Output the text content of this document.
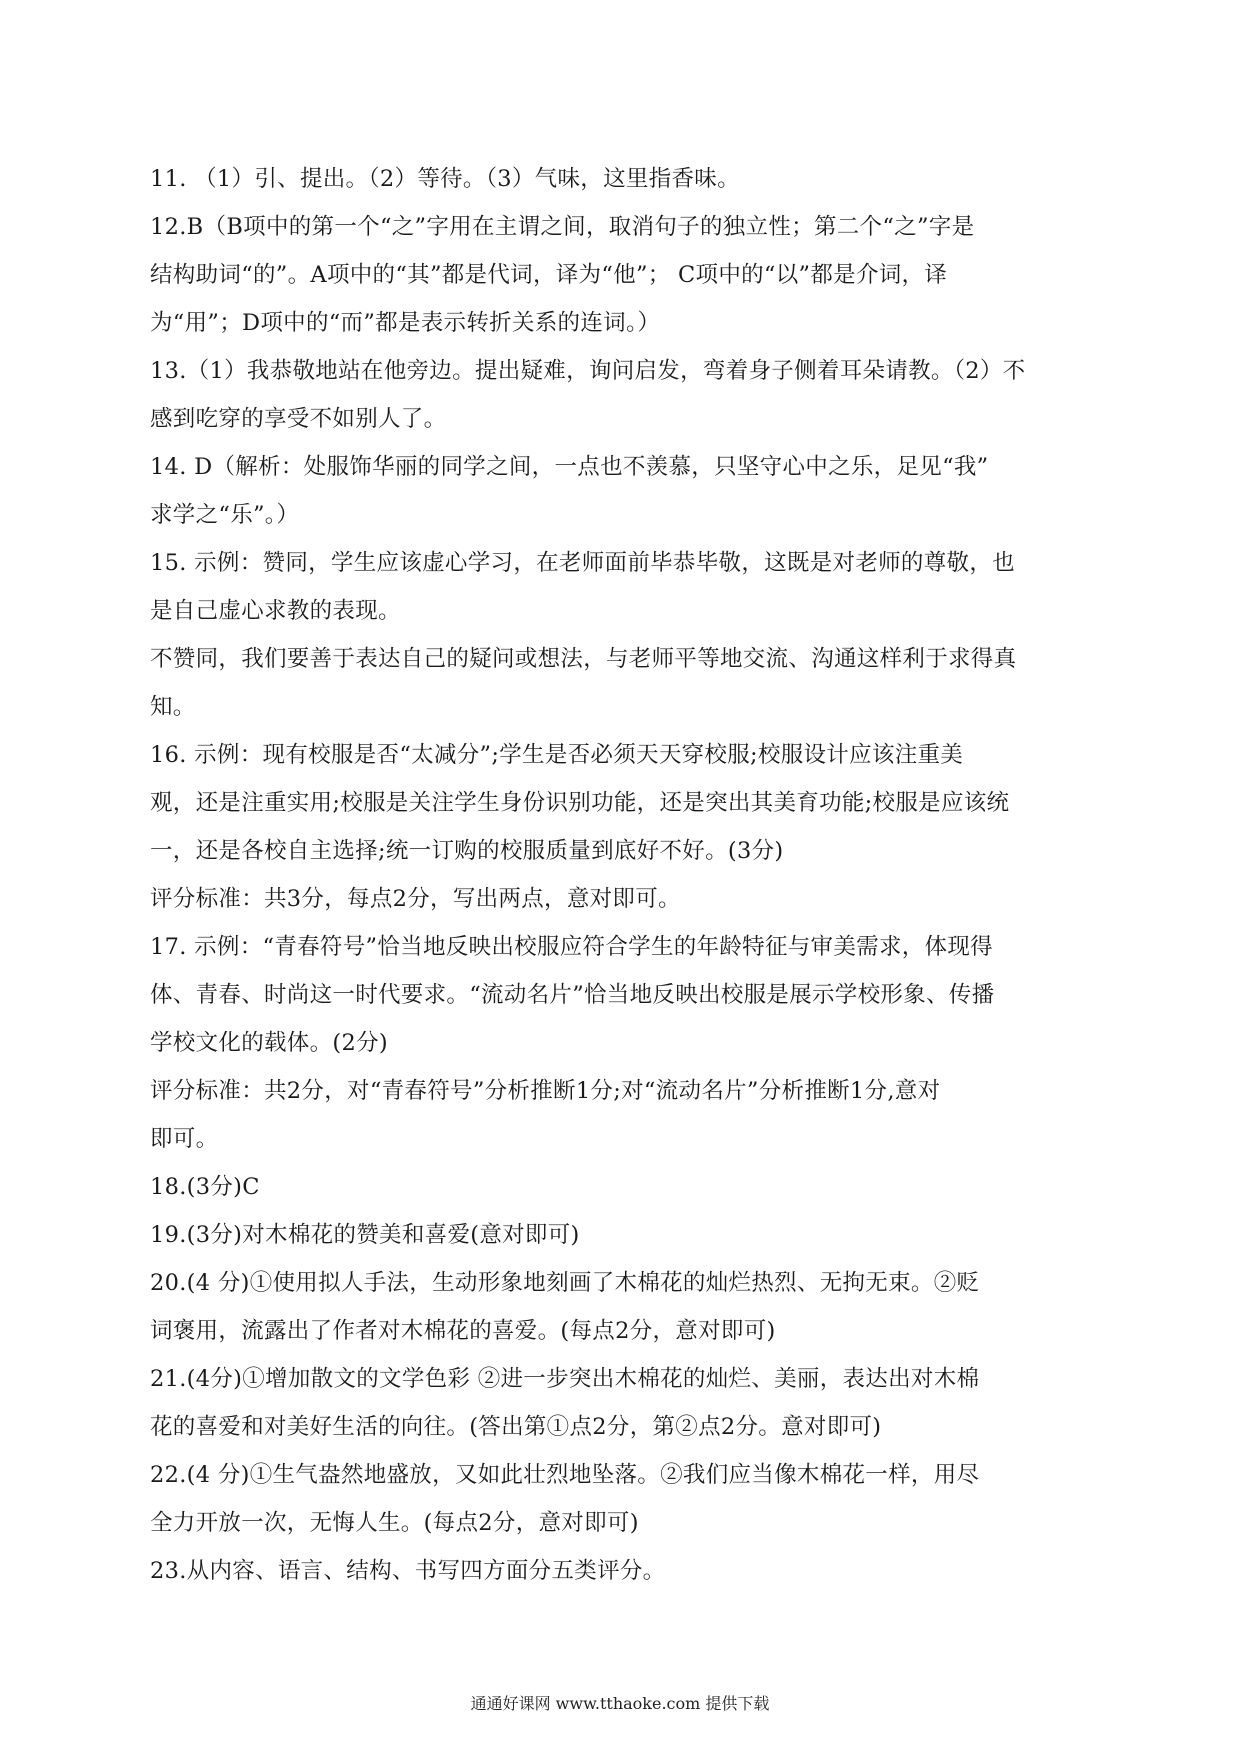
11. （1）引、提出。（2）等待。（3）气味，这里指香味。
12.B（B项中的第一个“之”字用在主谓之间，取消句子的独立性；第二个“之”字是
结构助词“的”。A项中的“其”都是代词，译为“他”； C项中的“以”都是介词，译
为“用”；D项中的“而”都是表示转折关系的连词。）
13.（1）我恭敬地站在他旁边。提出疑难，询问启发，弯着身子侧着耳朵请教。（2）不
感到吃穿的享受不如别人了。
14. D（解析：处服饰华丽的同学之间，一点也不羡慕，只坚守心中之乐，足见“我”
求学之“乐”。）
15. 示例：赞同，学生应该虚心学习，在老师面前毕恭毕敬，这既是对老师的尊敬，也
是自己虚心求教的表现。
不赞同，我们要善于表达自己的疑问或想法，与老师平等地交流、沟通这样利于求得真
知。
16. 示例：现有校服是否“太减分”;学生是否必须天天穿校服;校服设计应该注重美
观，还是注重实用;校服是关注学生身份识别功能，还是突出其美育功能;校服是应该统
一，还是各校自主选择;统一订购的校服质量到底好不好。(3分)
评分标准：共3分，每点2分，写出两点，意对即可。
17. 示例：“青春符号”恰当地反映出校服应符合学生的年龄特征与审美需求，体现得
体、青春、时尚这一时代要求。“流动名片”恰当地反映出校服是展示学校形象、传播
学校文化的载体。(2分)
评分标准：共2分，对“青春符号”分析推断1分;对“流动名片”分析推断1分,意对
即可。
18.(3分)C
19.(3分)对木棉花的赞美和喜爱(意对即可)
20.(4 分)①使用拟人手法，生动形象地刻画了木棉花的灿烂热烈、无拘无束。②贬
词褒用，流露出了作者对木棉花的喜爱。(每点2分，意对即可)
21.(4分)①增加散文的文学色彩 ②进一步突出木棉花的灿烂、美丽，表达出对木棉
花的喜爱和对美好生活的向往。(答出第①点2分，第②点2分。意对即可)
22.(4 分)①生气盎然地盛放，又如此壮烈地坠落。②我们应当像木棉花一样，用尽
全力开放一次，无悔人生。(每点2分，意对即可)
23.从内容、语言、结构、书写四方面分五类评分。
通通好课网 www.tthaoke.com 提供下载
